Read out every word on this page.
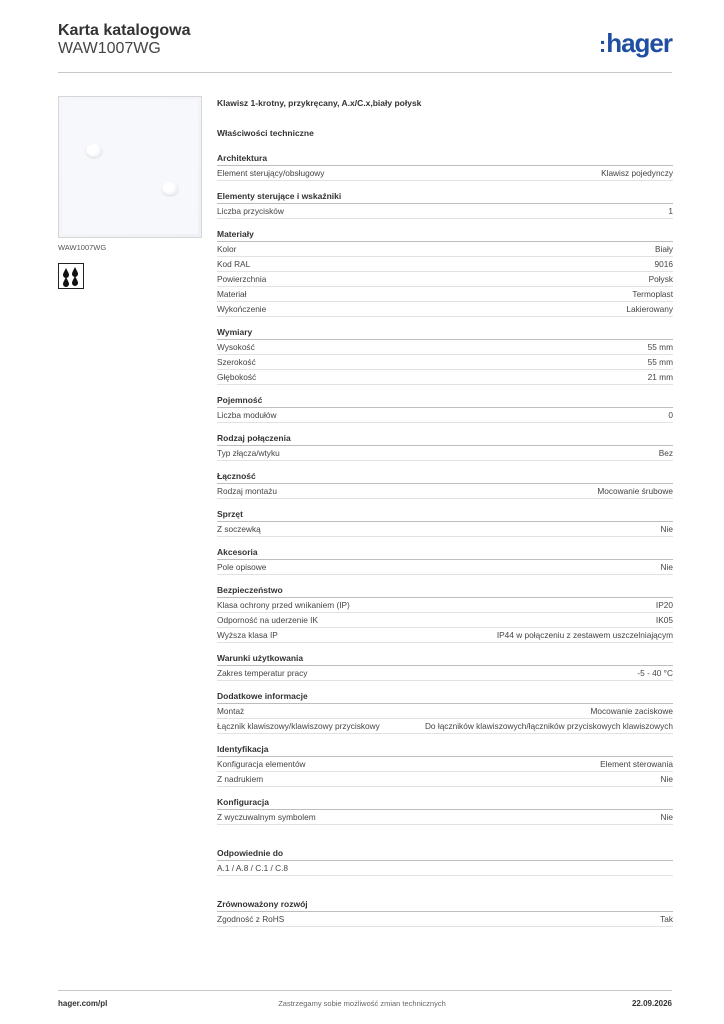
Karta katalogowa
WAW1007WG	:hager
WAW1007WG
Klawisz 1-krotny, przykręcany, A.x/C.x,biały połysk
Właściwości techniczne
Architektura
Element sterujący/obsługowy	Klawisz pojedynczy
Elementy sterujące i wskaźniki
Liczba przycisków	1
Materiały
Kolor	Biały
Kod RAL	9016
Powierzchnia	Połysk
Materiał	Termoplast
Wykończenie	Lakierowany
Wymiary
Wysokość	55 mm
Szerokość	55 mm
Głębokość	21 mm
Pojemność
Liczba modułów	0
Rodzaj połączenia
Typ złącza/wtyku	Bez
Łączność
Rodzaj montażu	Mocowanie śrubowe
Sprzęt
Z soczewką	Nie
Akcesoria
Pole opisowe	Nie
Bezpieczeństwo
Klasa ochrony przed wnikaniem (IP)	IP20
Odporność na uderzenie IK	IK05
Wyższa klasa IP	IP44 w połączeniu z zestawem uszczelniającym
Warunki użytkowania
Zakres temperatur pracy	-5 - 40 °C
Dodatkowe informacje
Montaż	Mocowanie zaciskowe
Łącznik klawiszowy/klawiszowy przyciskowy	Do łączników klawiszowych/łączników przyciskowych klawiszowych
Identyfikacja
Konfiguracja elementów	Element sterowania
Z nadrukiem	Nie
Konfiguracja
Z wyczuwalnym symbolem	Nie
Odpowiednie do
A.1 / A.8 / C.1 / C.8
Zrównoważony rozwój
Zgodność z RoHS	Tak
hager.com/pl	Zastrzegamy sobie możliwość zmian technicznych	22.09.2026
